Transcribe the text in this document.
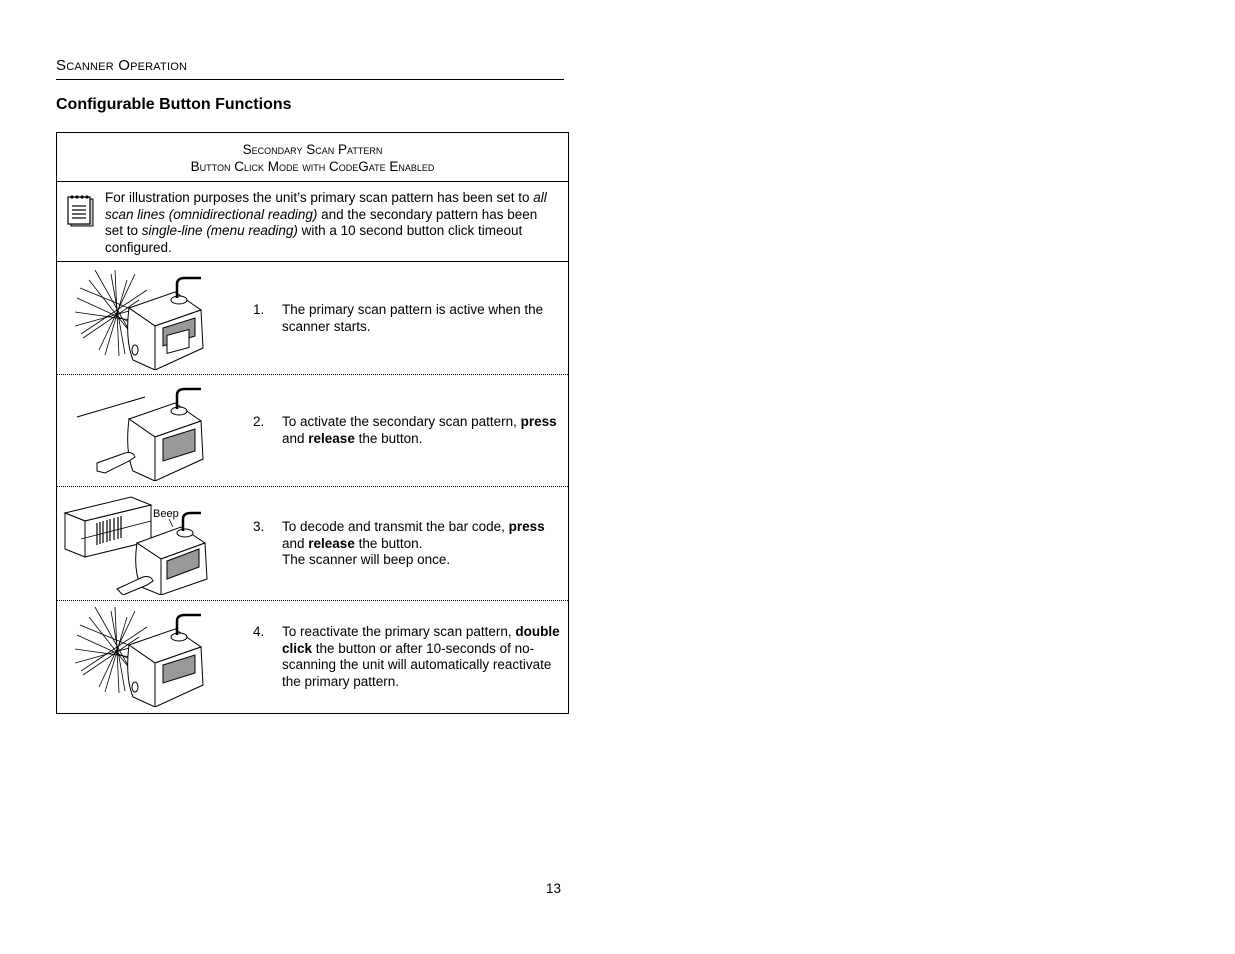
Scanner Operation
Configurable Button Functions
Secondary Scan Pattern
Button Click Mode with CodeGate Enabled
For illustration purposes the unit’s primary scan pattern has been set to all scan lines (omnidirectional reading) and the secondary pattern has been set to single-line (menu reading) with a 10 second button click timeout configured.
1. The primary scan pattern is active when the scanner starts.
2. To activate the secondary scan pattern, press and release the button.
Beep
3. To decode and transmit the bar code, press and release the button.
The scanner will beep once.
4. To reactivate the primary scan pattern, double click the button or after 10-seconds of no-scanning the unit will automatically reactivate the primary pattern.
13
